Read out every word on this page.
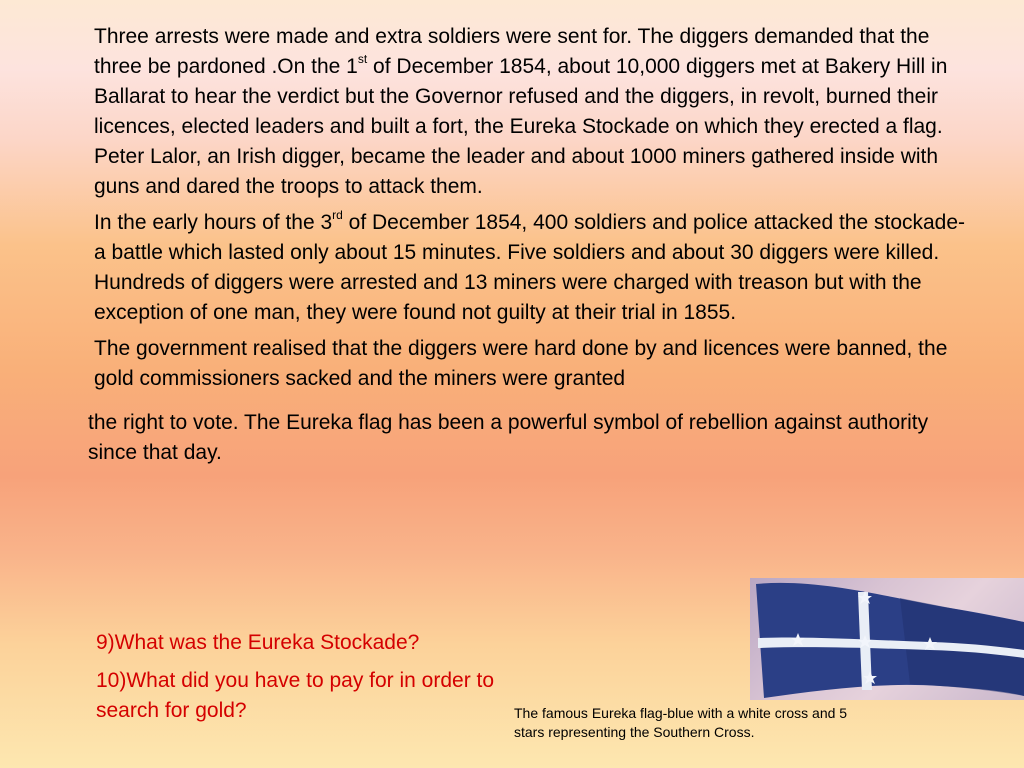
Three arrests were made and extra soldiers were sent for. The diggers demanded that the three be pardoned .On the 1st of December 1854, about 10,000 diggers met at Bakery Hill in Ballarat to hear the verdict but the Governor refused and the diggers, in revolt, burned their licences, elected leaders and built a fort, the Eureka Stockade on which they erected a flag. Peter Lalor, an Irish digger, became the leader and about 1000 miners gathered inside with guns and dared the troops to attack them.

In the early hours of the 3rd of December 1854, 400 soldiers and police attacked the stockade-a battle which lasted only about 15 minutes. Five soldiers and about 30 diggers were killed. Hundreds of diggers were arrested and 13 miners were charged with treason but with the exception of one man, they were found not guilty at their trial in 1855.

The government realised that the diggers were hard done by and licences were banned, the gold commissioners sacked and the miners were granted

the right to vote. The Eureka flag has been a powerful symbol of rebellion against authority since that day.

9)What was the Eureka Stockade?

10)What did you have to pay for in order to search for gold?	The famous Eureka flag-blue with a white cross and 5 stars representing the Southern Cross.
